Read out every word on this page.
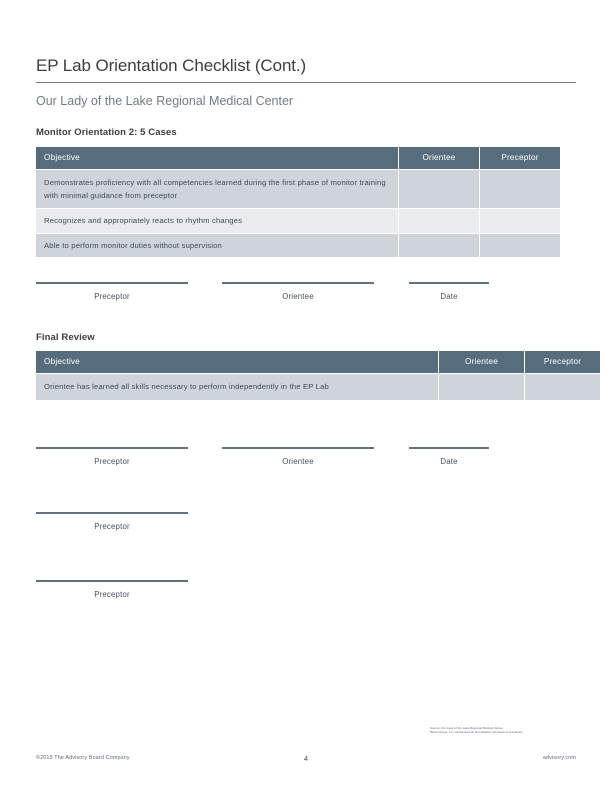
EP Lab Orientation Checklist (Cont.)
Our Lady of the Lake Regional Medical Center
Monitor Orientation 2: 5 Cases
Objective	Orientee	Preceptor
Demonstrates proficiency with all competencies learned during the first phase of monitor training with minimal guidance from preceptor		
Recognizes and appropriately reacts to rhythm changes		
Able to perform monitor duties without supervision		
Preceptor	Orientee	Date
Final Review
Objective	Orientee	Preceptor
Orientee has learned all skills necessary to perform independently in the EP Lab		
Preceptor	Orientee	Date
Preceptor
Preceptor
Source: Our Lady of the Lake Regional Medical Center,
Baton Rouge, LA; Cardiovascular Roundtable interviews and analysis.
©2015 The Advisory Board Company	4	advisory.com
